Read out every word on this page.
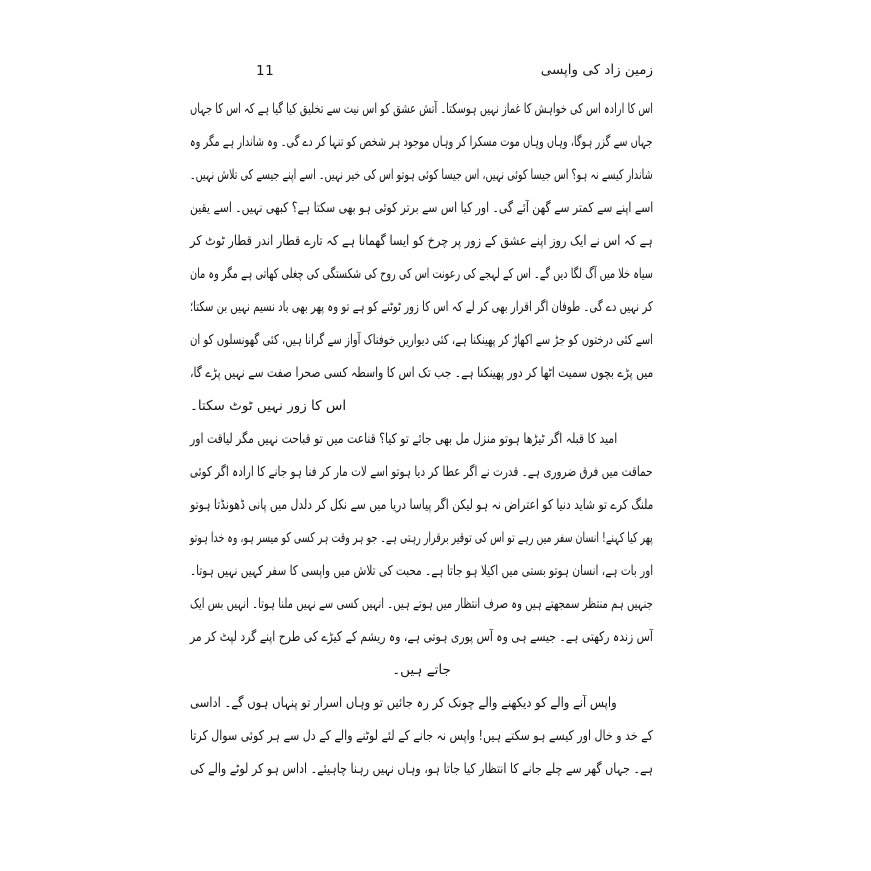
11	زمین زاد کی واپسی
اس کا ارادہ اس کی خواہش کا غماز نہیں ہوسکتا۔ آتش عشق کو اس نیت سے تخلیق کیا گیا ہے کہ اس کا جہاں
جہاں سے گزر ہوگا، وہاں وہاں موت مسکرا کر وہاں موجود ہر شخص کو تنہا کر دے گی۔ وہ شاندار ہے مگر وہ
شاندار کیسے نہ ہو؟ اس جیسا کوئی نہیں، اس جیسا کوئی ہوتو اس کی خیر نہیں۔ اسے اپنے جیسے کی تلاش نہیں۔
اسے اپنے سے کمتر سے گھن آئے گی۔ اور کیا اس سے برتر کوئی ہو بھی سکتا ہے؟ کبھی نہیں۔ اسے یقین
ہے کہ اس نے ایک روز اپنے عشق کے زور پر چرخ کو ایسا گھمانا ہے کہ تارے قطار اندر قطار ٹوٹ کر
سیاہ خلا میں آگ لگا دیں گے۔ اس کے لہجے کی رعونت اس کی روح کی شکستگی کی چغلی کھاتی ہے مگر وہ مان
کر نہیں دے گی۔ طوفان اگر اقرار بھی کر لے کہ اس کا زور ٹوٹنے کو ہے تو وہ پھر بھی باد نسیم نہیں بن سکتا؛
اسے کئی درختوں کو جڑ سے اکھاڑ کر پھینکنا ہے، کئی دیواریں خوفناک آواز سے گرانا ہیں، کئی گھونسلوں کو ان
میں پڑے بچوں سمیت اٹھا کر دور پھینکنا ہے۔ جب تک اس کا واسطہ کسی صحرا صفت سے نہیں پڑے گا،
اس کا زور نہیں ٹوٹ سکتا۔
امید کا قبلہ اگر ٹیڑھا ہوتو منزل مل بھی جائے تو کیا؟ قناعت میں تو قباحت نہیں مگر لیاقت اور
حماقت میں فرق ضروری ہے۔ قدرت نے اگر عطا کر دیا ہوتو اسے لات مار کر فنا ہو جانے کا ارادہ اگر کوئی
ملنگ کرے تو شاید دنیا کو اعتراض نہ ہو لیکن اگر پیاسا دریا میں سے نکل کر دلدل میں پانی ڈھونڈتا ہوتو
پھر کیا کہنے! انسان سفر میں رہے تو اس کی توقیر برقرار رہتی ہے۔ جو ہر وقت ہر کسی کو میسر ہو، وہ خدا ہوتو
اور بات ہے، انسان ہوتو بستی میں اکیلا ہو جاتا ہے۔ محبت کی تلاش میں واپسی کا سفر کہیں نہیں ہوتا۔
جنہیں ہم منتظر سمجھتے ہیں وہ صرف انتظار میں ہوتے ہیں۔ انہیں کسی سے نہیں ملنا ہوتا۔ انہیں بس ایک
آس زندہ رکھتی ہے۔ جیسے ہی وہ آس پوری ہوتی ہے، وہ ریشم کے کیڑے کی طرح اپنے گرد لپٹ کر مر
جاتے ہیں۔
واپس آنے والے کو دیکھنے والے چونک کر رہ جائیں تو وہاں اسرار تو پنہاں ہوں گے۔ اداسی
کے خد و خال اور کیسے ہو سکتے ہیں! واپس نہ جانے کے لئے لوٹنے والے کے دل سے ہر کوئی سوال کرتا
ہے۔ جہاں گھر سے چلے جانے کا انتظار کیا جاتا ہو، وہاں نہیں رہنا چاہیئے۔ اداس ہو کر لوٹے والے کی
